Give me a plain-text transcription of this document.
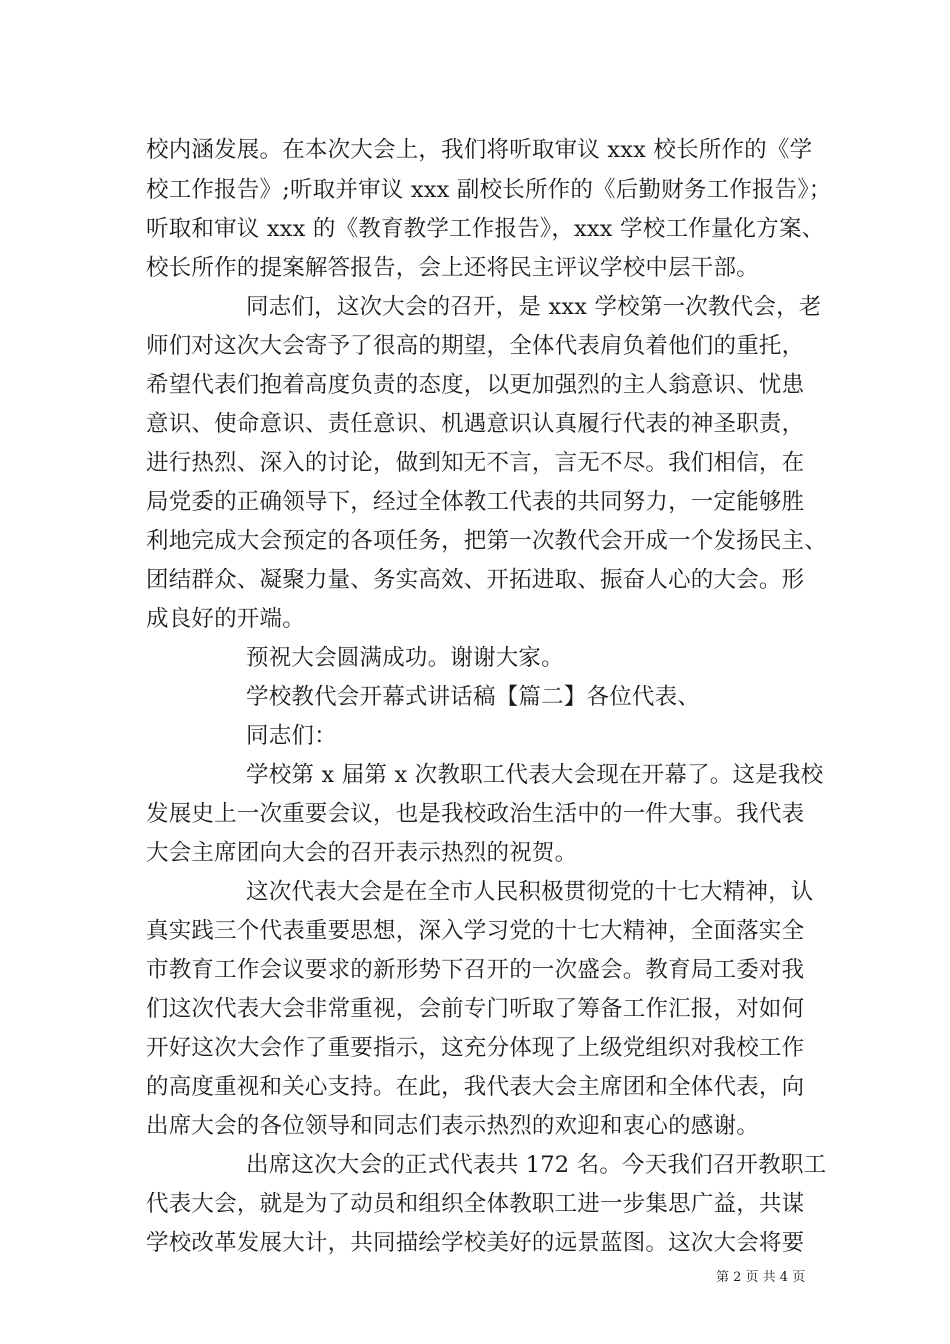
校内涵发展。在本次大会上，我们将听取审议 xxx 校长所作的《学
校工作报告》;听取并审议 xxx 副校长所作的《后勤财务工作报告》；
听取和审议 xxx 的《教育教学工作报告》，xxx 学校工作量化方案、
校长所作的提案解答报告，会上还将民主评议学校中层干部。
同志们，这次大会的召开，是 xxx 学校第一次教代会，老
师们对这次大会寄予了很高的期望，全体代表肩负着他们的重托，
希望代表们抱着高度负责的态度，以更加强烈的主人翁意识、忧患
意识、使命意识、责任意识、机遇意识认真履行代表的神圣职责，
进行热烈、深入的讨论，做到知无不言，言无不尽。我们相信，在
局党委的正确领导下，经过全体教工代表的共同努力，一定能够胜
利地完成大会预定的各项任务，把第一次教代会开成一个发扬民主、
团结群众、凝聚力量、务实高效、开拓进取、振奋人心的大会。形
成良好的开端。
预祝大会圆满成功。谢谢大家。
学校教代会开幕式讲话稿【篇二】各位代表、
同志们：
学校第 x 届第 x 次教职工代表大会现在开幕了。这是我校
发展史上一次重要会议，也是我校政治生活中的一件大事。我代表
大会主席团向大会的召开表示热烈的祝贺。
这次代表大会是在全市人民积极贯彻党的十七大精神，认
真实践三个代表重要思想，深入学习党的十七大精神，全面落实全
市教育工作会议要求的新形势下召开的一次盛会。教育局工委对我
们这次代表大会非常重视，会前专门听取了筹备工作汇报，对如何
开好这次大会作了重要指示，这充分体现了上级党组织对我校工作
的高度重视和关心支持。在此，我代表大会主席团和全体代表，向
出席大会的各位领导和同志们表示热烈的欢迎和衷心的感谢。
出席这次大会的正式代表共 172 名。今天我们召开教职工
代表大会，就是为了动员和组织全体教职工进一步集思广益，共谋
学校改革发展大计，共同描绘学校美好的远景蓝图。这次大会将要
第 2 页 共 4 页
